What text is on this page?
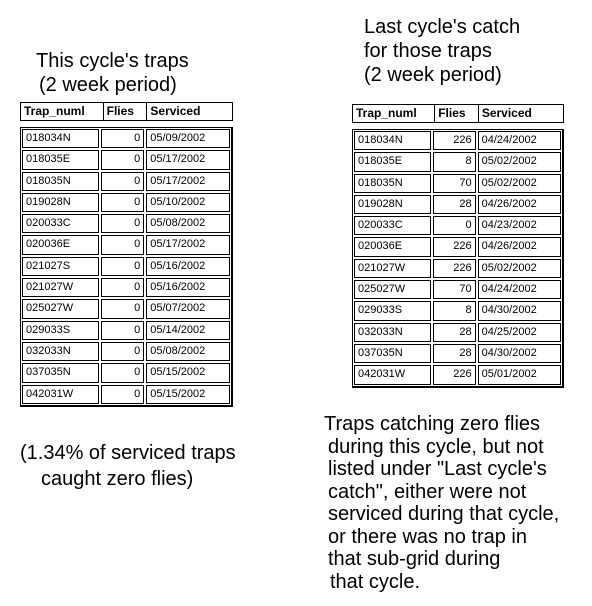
This cycle's traps
(2 week period)
Last cycle's catch
for those traps
(2 week period)
Trap_numl	Flies	Serviced
018034N	0 05/09/2002
018035E	0 05/17/2002
018035N	0 05/17/2002
019028N	0 05/10/2002
020033C	0 05/08/2002
020036E	0 05/17/2002
021027S	0 05/16/2002
021027W	0 05/16/2002
025027W	0 05/07/2002
029033S	0 05/14/2002
032033N	0 05/08/2002
037035N	0 05/15/2002
042031W	0 05/15/2002
Trap_numl	Flies	Serviced
018034N	226 04/24/2002
018035E	8 05/02/2002
018035N	70 05/02/2002
019028N	28 04/26/2002
020033C	0 04/23/2002
020036E	226 04/26/2002
021027W	226 05/02/2002
025027W	70 04/24/2002
029033S	8 04/30/2002
032033N	28 04/25/2002
037035N	28 04/30/2002
042031W	226 05/01/2002
(1.34% of serviced traps
caught zero flies)
Traps catching zero flies
during this cycle, but not
listed under "Last cycle's
catch", either were not
serviced during that cycle,
or there was no trap in
that sub-grid during
that cycle.
